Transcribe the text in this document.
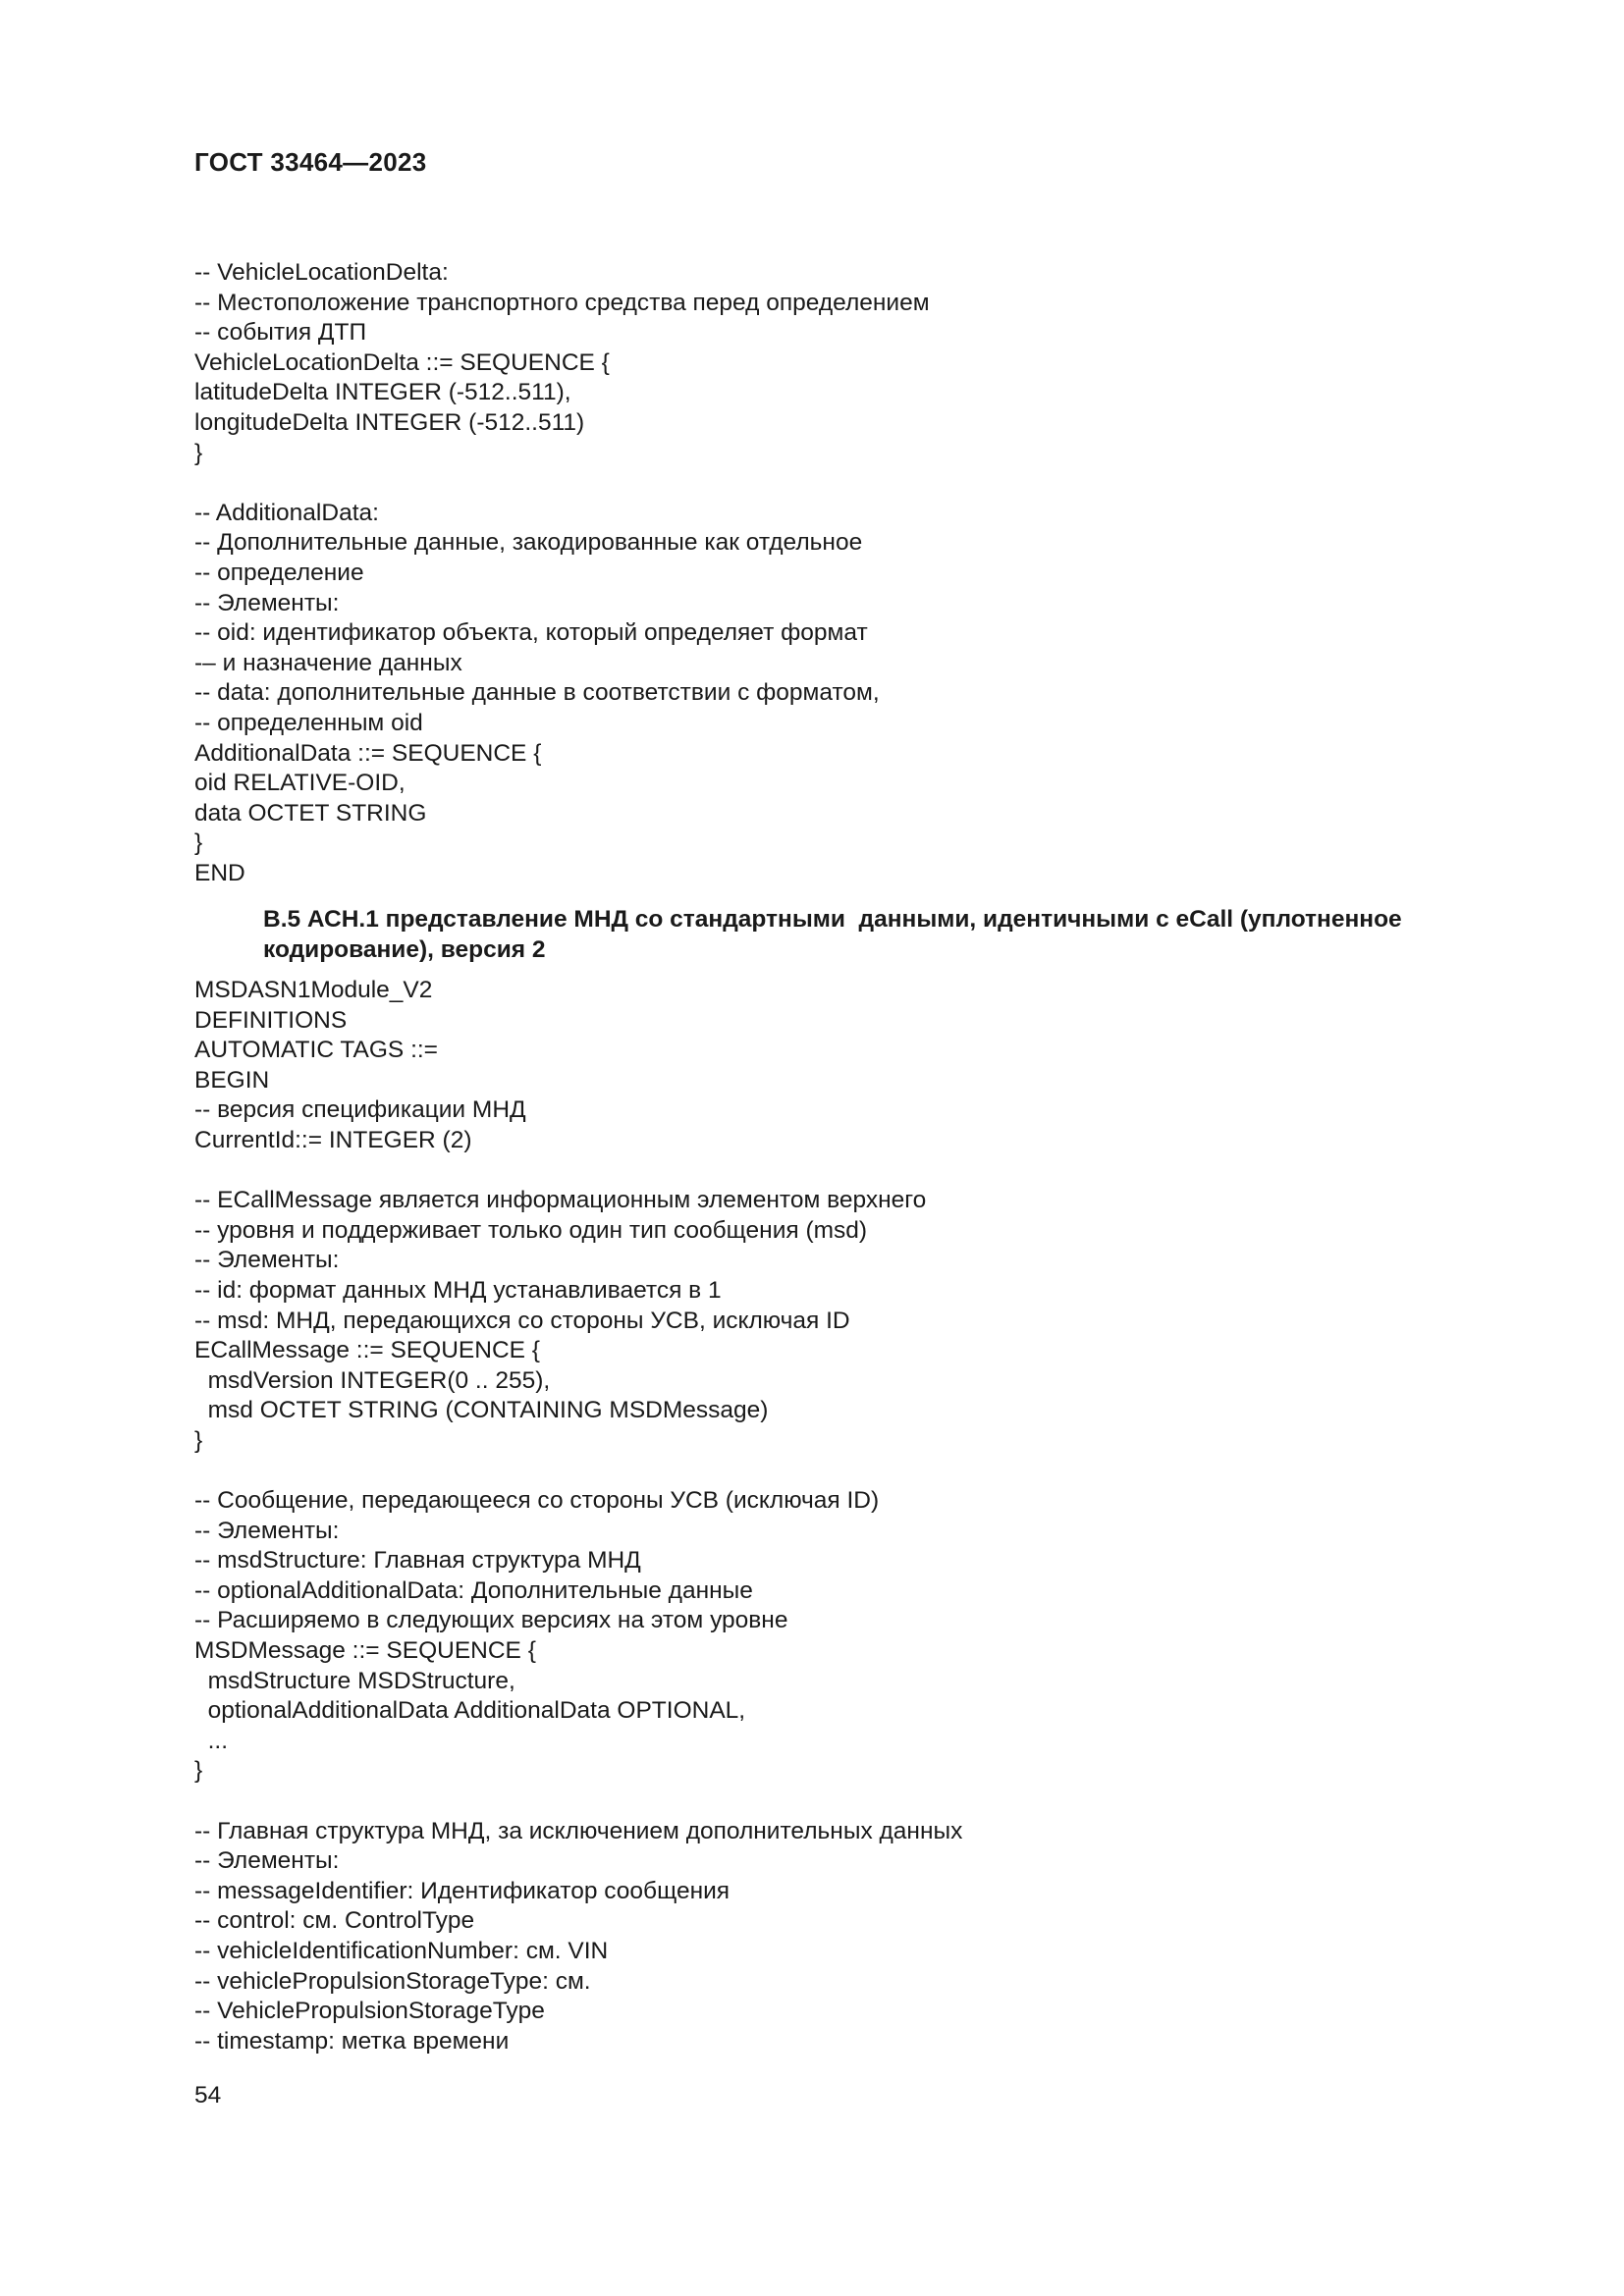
ГОСТ 33464—2023
-- VehicleLocationDelta:
-- Местоположение транспортного средства перед определением
-- события ДТП
VehicleLocationDelta ::= SEQUENCE {
latitudeDelta INTEGER (-512..511),
longitudeDelta INTEGER (-512..511)
}
-- AdditionalData:
-- Дополнительные данные, закодированные как отдельное
-- определение
-- Элементы:
-- oid: идентификатор объекта, который определяет формат
-– и назначение данных
-- data: дополнительные данные в соответствии с форматом,
-- определенным oid
AdditionalData ::= SEQUENCE {
oid RELATIVE-OID,
data OCTET STRING
}
END
В.5 АСН.1 представление МНД со стандартными  данными, идентичными с eCall (уплотненное
кодирование), версия 2
MSDASN1Module_V2
DEFINITIONS
AUTOMATIC TAGS ::=
BEGIN
-- версия спецификации МНД
CurrentId::= INTEGER (2)
-- ECallMessage является информационным элементом верхнего
-- уровня и поддерживает только один тип сообщения (msd)
-- Элементы:
-- id: формат данных МНД устанавливается в 1
-- msd: МНД, передающихся со стороны УСВ, исключая ID
ECallMessage ::= SEQUENCE {
msdVersion INTEGER(0 .. 255),
msd OCTET STRING (CONTAINING MSDMessage)
}
-- Сообщение, передающееся со стороны УСВ (исключая ID)
-- Элементы:
-- msdStructure: Главная структура МНД
-- optionalAdditionalData: Дополнительные данные
-- Расширяемо в следующих версиях на этом уровне
MSDMessage ::= SEQUENCE {
msdStructure MSDStructure,
optionalAdditionalData AdditionalData OPTIONAL,
...
}
-- Главная структура МНД, за исключением дополнительных данных
-- Элементы:
-- messageIdentifier: Идентификатор сообщения
-- control: см. ControlType
-- vehicleIdentificationNumber: см. VIN
-- vehiclePropulsionStorageType: см.
-- VehiclePropulsionStorageType
-- timestamp: метка времени

54
